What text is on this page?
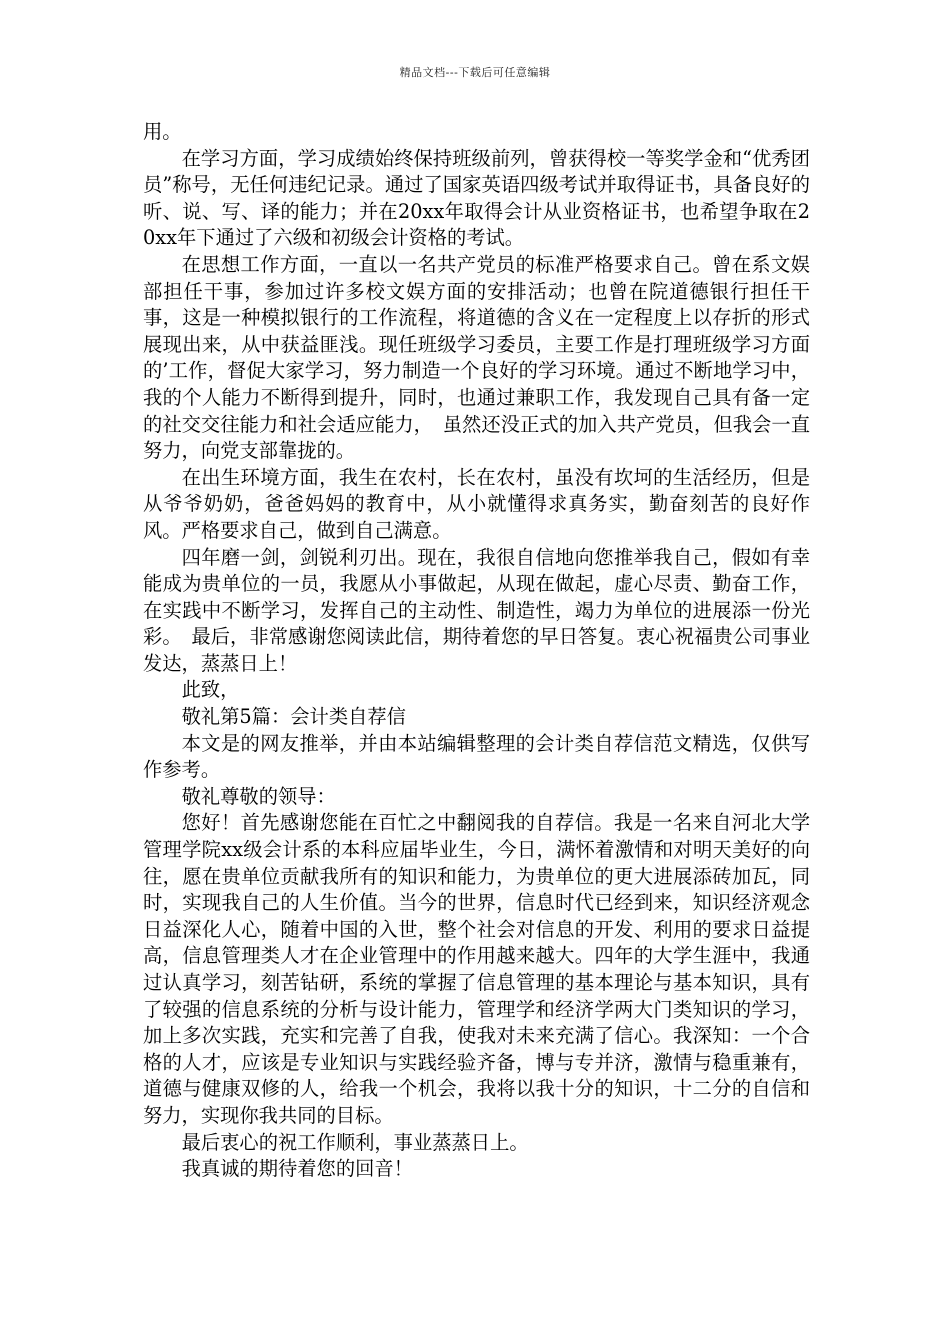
精品文档---下载后可任意编辑

用。

在学习方面，学习成绩始终保持班级前列，曾获得校一等奖学金和“优秀团员”称号，无任何违纪记录。通过了国家英语四级考试并取得证书，具备良好的听、说、写、译的能力；并在20xx年取得会计从业资格证书，也希望争取在20xx年下通过了六级和初级会计资格的考试。

在思想工作方面，一直以一名共产党员的标准严格要求自己。曾在系文娱部担任干事，参加过许多校文娱方面的安排活动；也曾在院道德银行担任干事，这是一种模拟银行的工作流程，将道德的含义在一定程度上以存折的形式展现出来，从中获益匪浅。现任班级学习委员，主要工作是打理班级学习方面的’工作，督促大家学习，努力制造一个良好的学习环境。通过不断地学习中，我的个人能力不断得到提升，同时，也通过兼职工作，我发现自己具有备一定的社交交往能力和社会适应能力，　虽然还没正式的加入共产党员，但我会一直努力，向党支部靠拢的。

在出生环境方面，我生在农村，长在农村，虽没有坎坷的生活经历，但是从爷爷奶奶，爸爸妈妈的教育中，从小就懂得求真务实，勤奋刻苦的良好作风。严格要求自己，做到自己满意。

四年磨一剑，剑锐利刃出。现在，我很自信地向您推举我自己，假如有幸能成为贵单位的一员，我愿从小事做起，从现在做起，虚心尽责、勤奋工作，在实践中不断学习，发挥自己的主动性、制造性，竭力为单位的进展添一份光彩。　最后，非常感谢您阅读此信，期待着您的早日答复。衷心祝福贵公司事业发达，蒸蒸日上！

此致，

敬礼第5篇：会计类自荐信

本文是的网友推举，并由本站编辑整理的会计类自荐信范文精选，仅供写作参考。

敬礼尊敬的领导：

您好！首先感谢您能在百忙之中翻阅我的自荐信。我是一名来自河北大学管理学院xx级会计系的本科应届毕业生，今日，满怀着激情和对明天美好的向往，愿在贵单位贡献我所有的知识和能力，为贵单位的更大进展添砖加瓦，同时，实现我自己的人生价值。当今的世界，信息时代已经到来，知识经济观念日益深化人心，随着中国的入世，整个社会对信息的开发、利用的要求日益提高，信息管理类人才在企业管理中的作用越来越大。四年的大学生涯中，我通过认真学习，刻苦钻研，系统的掌握了信息管理的基本理论与基本知识，具有了较强的信息系统的分析与设计能力，管理学和经济学两大门类知识的学习，加上多次实践，充实和完善了自我，使我对未来充满了信心。我深知：一个合格的人才，应该是专业知识与实践经验齐备，博与专并济，激情与稳重兼有，道德与健康双修的人，给我一个机会，我将以我十分的知识，十二分的自信和努力，实现你我共同的目标。

最后衷心的祝工作顺利，事业蒸蒸日上。

我真诚的期待着您的回音！
